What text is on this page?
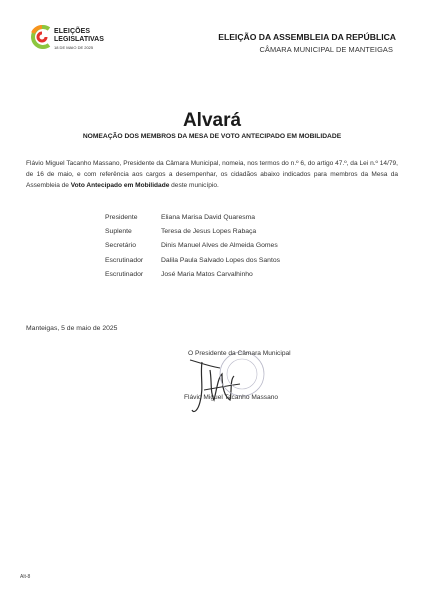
ELEIÇÕES
LEGISLATIVAS
18 DE MAIO DE 2025
ELEIÇÃO DA ASSEMBLEIA DA REPÚBLICA
CÂMARA MUNICIPAL DE MANTEIGAS
Alvará
NOMEAÇÃO DOS MEMBROS DA MESA DE VOTO ANTECIPADO EM MOBILIDADE
Flávio Miguel Tacanho Massano, Presidente da Câmara Municipal, nomeia, nos termos do n.º 6, do artigo 47.º, da Lei n.º 14/79, de 16 de maio, e com referência aos cargos a desempenhar, os cidadãos abaixo indicados para membros da Mesa da Assembleia de Voto Antecipado em Mobilidade deste município.
Presidente	Eliana Marisa David Quaresma
Suplente	Teresa de Jesus Lopes Rabaça
Secretário	Dinis Manuel Alves de Almeida Gomes
Escrutinador	Dalila Paula Salvado Lopes dos Santos
Escrutinador	José Maria Matos Carvalhinho
Manteigas, 5 de maio de 2025
O Presidente da Câmara Municipal
Flávio Miguel Tacanho Massano
Alt-8
